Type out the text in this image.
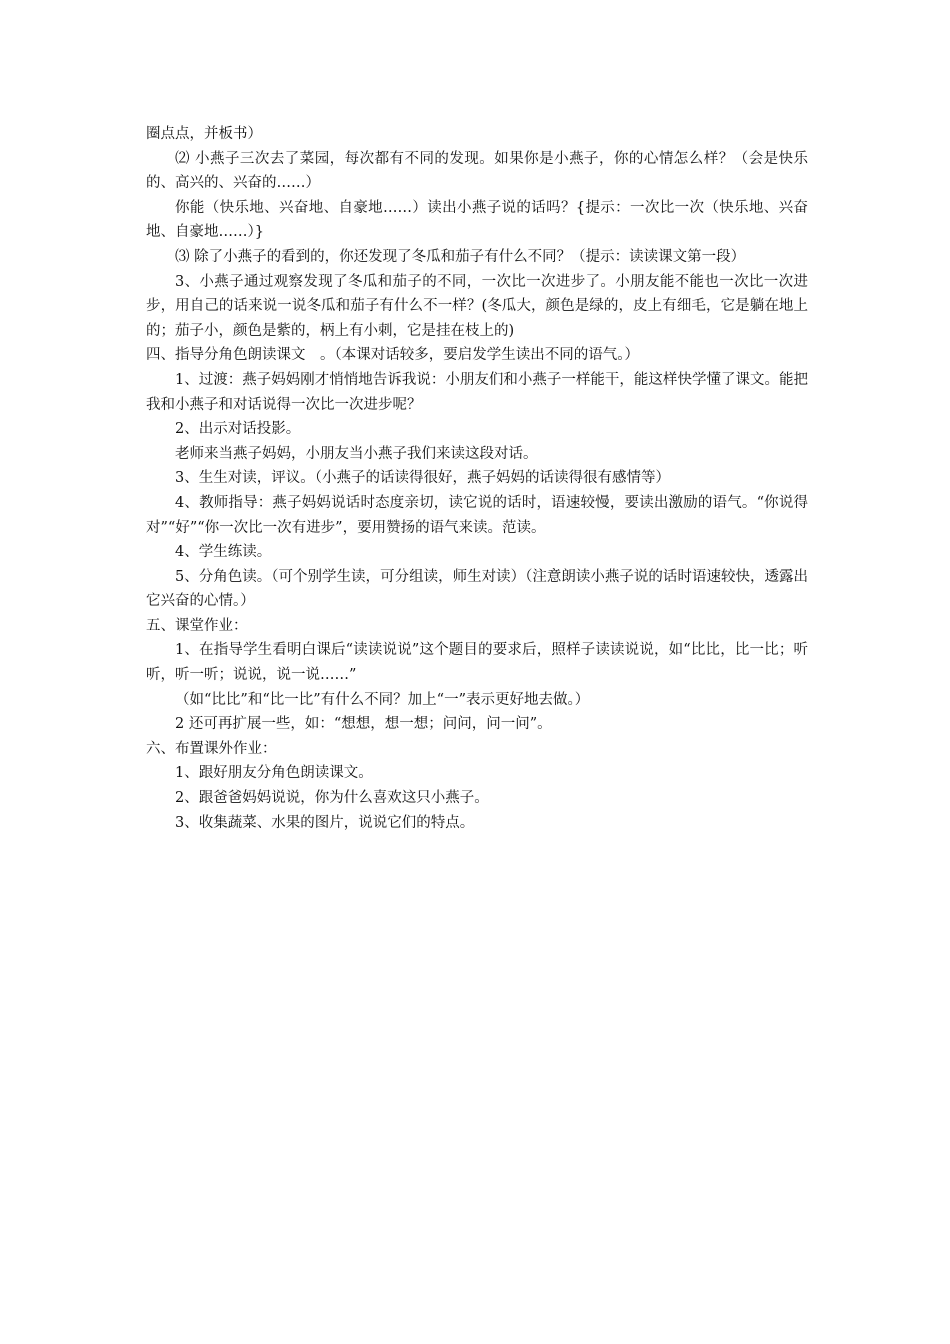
圈点点，并板书）

⑵ 小燕子三次去了菜园，每次都有不同的发现。如果你是小燕子，你的心情怎么样？（会是快乐的、高兴的、兴奋的……）

你能（快乐地、兴奋地、自豪地……）读出小燕子说的话吗？{提示：一次比一次（快乐地、兴奋地、自豪地……）}

⑶ 除了小燕子的看到的，你还发现了冬瓜和茄子有什么不同？（提示：读读课文第一段）

3、小燕子通过观察发现了冬瓜和茄子的不同，一次比一次进步了。小朋友能不能也一次比一次进步，用自己的话来说一说冬瓜和茄子有什么不一样？(冬瓜大，颜色是绿的，皮上有细毛，它是躺在地上的；茄子小，颜色是紫的，柄上有小刺，它是挂在枝上的)

四、指导分角色朗读课文　。（本课对话较多，要启发学生读出不同的语气。）

1、过渡：燕子妈妈刚才悄悄地告诉我说：小朋友们和小燕子一样能干，能这样快学懂了课文。能把我和小燕子和对话说得一次比一次进步呢？

2、出示对话投影。

老师来当燕子妈妈，小朋友当小燕子我们来读这段对话。

3、生生对读，评议。（小燕子的话读得很好，燕子妈妈的话读得很有感情等）

4、教师指导：燕子妈妈说话时态度亲切，读它说的话时，语速较慢，要读出激励的语气。“你说得对”“好”“你一次比一次有进步”，要用赞扬的语气来读。范读。

4、学生练读。

5、分角色读。（可个别学生读，可分组读，师生对读）（注意朗读小燕子说的话时语速较快，透露出它兴奋的心情。）

五、课堂作业：

1、在指导学生看明白课后“读读说说”这个题目的要求后，照样子读读说说，如“比比，比一比；听听，听一听；说说，说一说……”

（如“比比”和“比一比”有什么不同？加上“一”表示更好地去做。）

2 还可再扩展一些，如：“想想，想一想；问问，问一问”。

六、布置课外作业：

1、跟好朋友分角色朗读课文。

2、跟爸爸妈妈说说，你为什么喜欢这只小燕子。

3、收集蔬菜、水果的图片，说说它们的特点。
